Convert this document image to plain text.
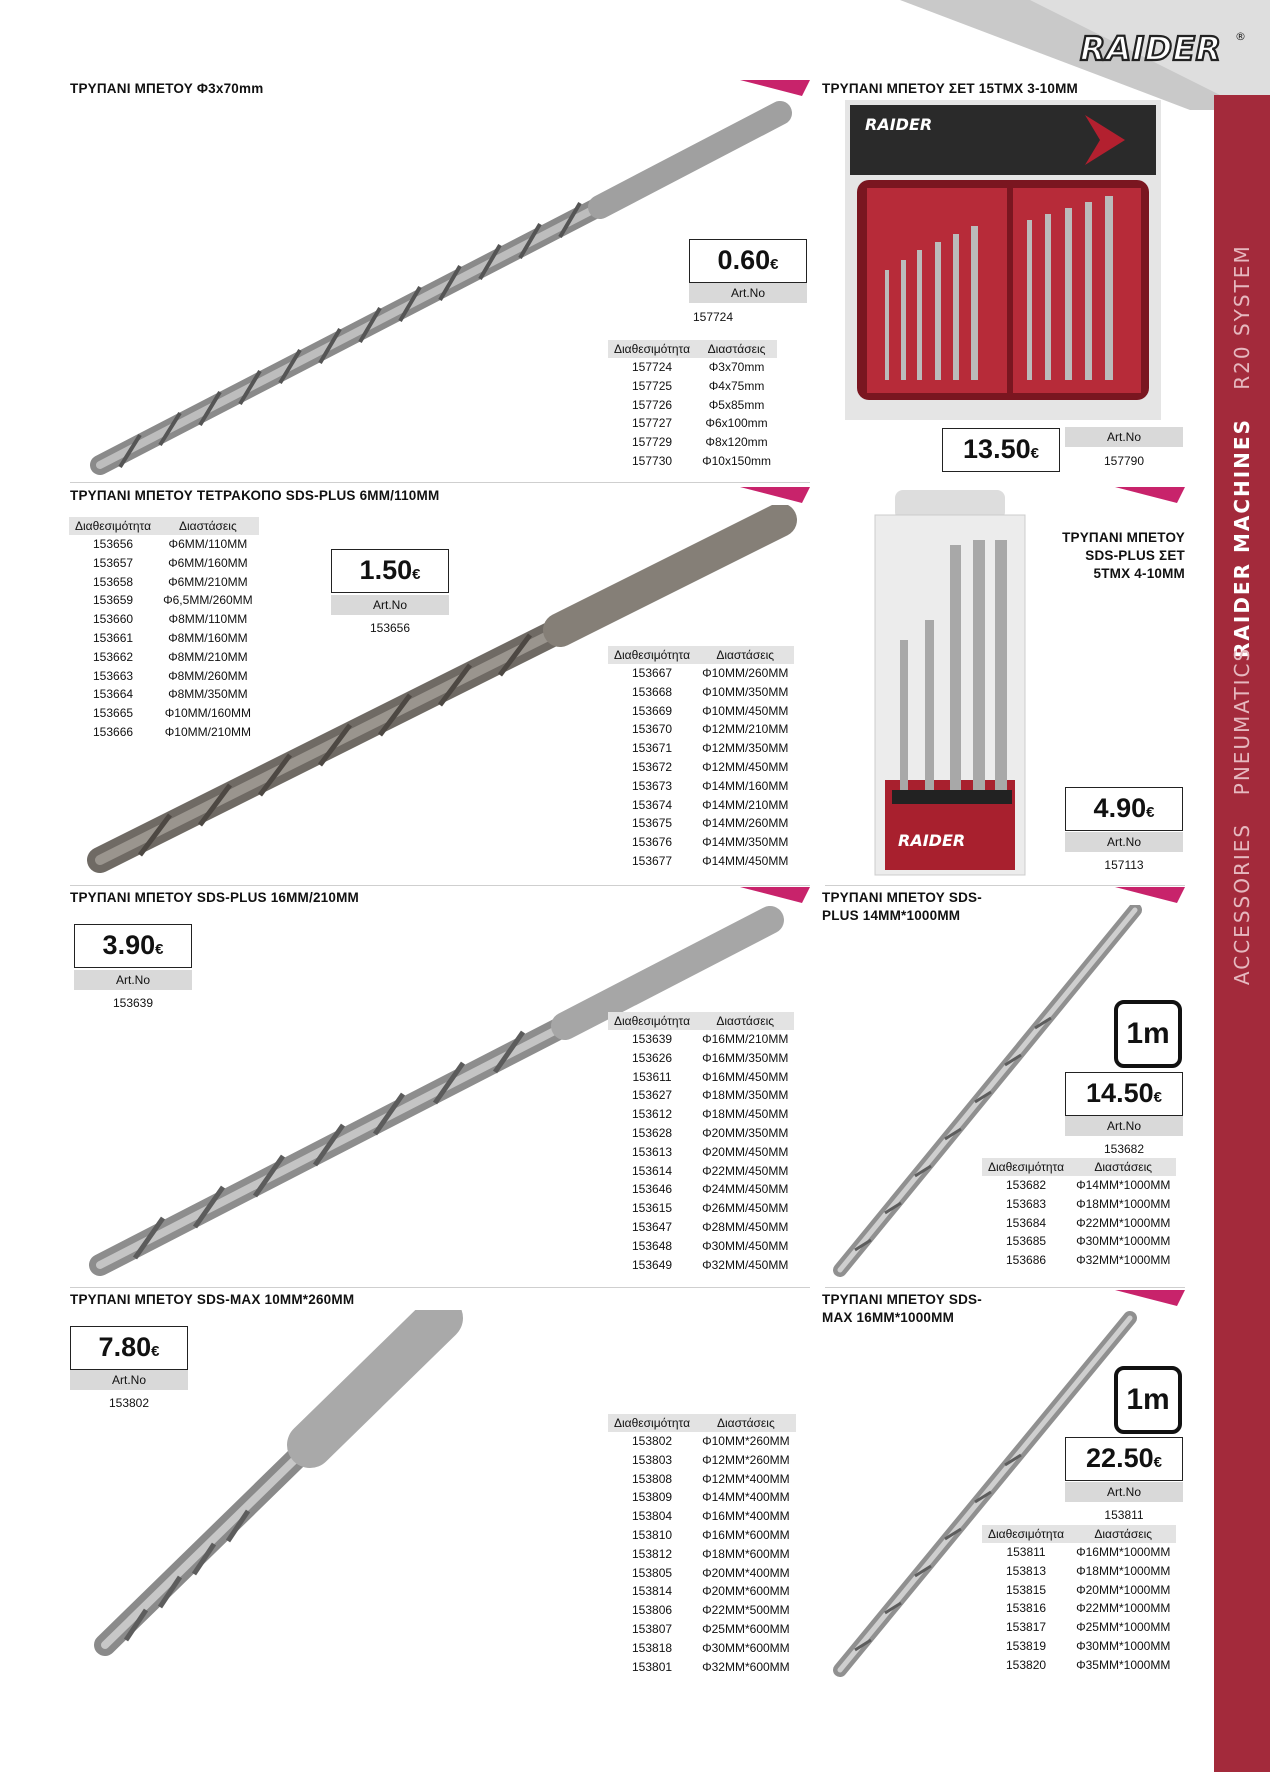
RAIDER ®
R20 SYSTEM
RAIDER MACHINES
PNEUMATICS
ACCESSORIES
ΤΡΥΠΑΝΙ ΜΠΕΤΟΥ Φ3x70mm
0.60€
Art.No
157724
Διαθεσιμότητα	Διαστάσεις
157724	Φ3x70mm
157725	Φ4x75mm
157726	Φ5x85mm
157727	Φ6x100mm
157729	Φ8x120mm
157730	Φ10x150mm
ΤΡΥΠΑΝΙ ΜΠΕΤΟΥ ΣΕΤ 15ΤΜΧ 3-10ΜΜ
RAIDER
13.50€
Art.No
157790
ΤΡΥΠΑΝΙ ΜΠΕΤΟΥ ΤΕΤΡΑΚΟΠΟ SDS-PLUS 6MM/110MM
Διαθεσιμότητα	Διαστάσεις
153656	Φ6MM/110MM
153657	Φ6MM/160MM
153658	Φ6MM/210MM
153659	Φ6,5MM/260MM
153660	Φ8MM/110MM
153661	Φ8MM/160MM
153662	Φ8MM/210MM
153663	Φ8MM/260MM
153664	Φ8MM/350MM
153665	Φ10MM/160MM
153666	Φ10MM/210MM
1.50€
Art.No
153656
Διαθεσιμότητα	Διαστάσεις
153667	Φ10MM/260MM
153668	Φ10MM/350MM
153669	Φ10MM/450MM
153670	Φ12MM/210MM
153671	Φ12MM/350MM
153672	Φ12MM/450MM
153673	Φ14MM/160MM
153674	Φ14MM/210MM
153675	Φ14MM/260MM
153676	Φ14MM/350MM
153677	Φ14MM/450MM
RAIDER
ΤΡΥΠΑΝΙ ΜΠΕΤΟΥ
SDS-PLUS ΣΕΤ
5ΤΜΧ 4-10ΜΜ
4.90€
Art.No
157113
ΤΡΥΠΑΝΙ ΜΠΕΤΟΥ SDS-PLUS 16MM/210MM
3.90€
Art.No
153639
Διαθεσιμότητα	Διαστάσεις
153639	Φ16MM/210MM
153626	Φ16MM/350MM
153611	Φ16MM/450MM
153627	Φ18MM/350MM
153612	Φ18MM/450MM
153628	Φ20MM/350MM
153613	Φ20MM/450MM
153614	Φ22MM/450MM
153646	Φ24MM/450MM
153615	Φ26MM/450MM
153647	Φ28MM/450MM
153648	Φ30MM/450MM
153649	Φ32MM/450MM
ΤΡΥΠΑΝΙ ΜΠΕΤΟΥ SDS-
PLUS 14MM*1000MM
1m
14.50€
Art.No
153682
Διαθεσιμότητα	Διαστάσεις
153682	Φ14MM*1000MM
153683	Φ18MM*1000MM
153684	Φ22MM*1000MM
153685	Φ30MM*1000MM
153686	Φ32MM*1000MM
ΤΡΥΠΑΝΙ ΜΠΕΤΟΥ SDS-MAX 10MM*260MM
7.80€
Art.No
153802
Διαθεσιμότητα	Διαστάσεις
153802	Φ10MM*260MM
153803	Φ12MM*260MM
153808	Φ12MM*400MM
153809	Φ14MM*400MM
153804	Φ16MM*400MM
153810	Φ16MM*600MM
153812	Φ18MM*600MM
153805	Φ20MM*400MM
153814	Φ20MM*600MM
153806	Φ22MM*500MM
153807	Φ25MM*600MM
153818	Φ30MM*600MM
153801	Φ32MM*600MM
ΤΡΥΠΑΝΙ ΜΠΕΤΟΥ SDS-
MAX 16MM*1000MM
1m
22.50€
Art.No
153811
Διαθεσιμότητα	Διαστάσεις
153811	Φ16MM*1000MM
153813	Φ18MM*1000MM
153815	Φ20MM*1000MM
153816	Φ22MM*1000MM
153817	Φ25MM*1000MM
153819	Φ30MM*1000MM
153820	Φ35MM*1000MM
